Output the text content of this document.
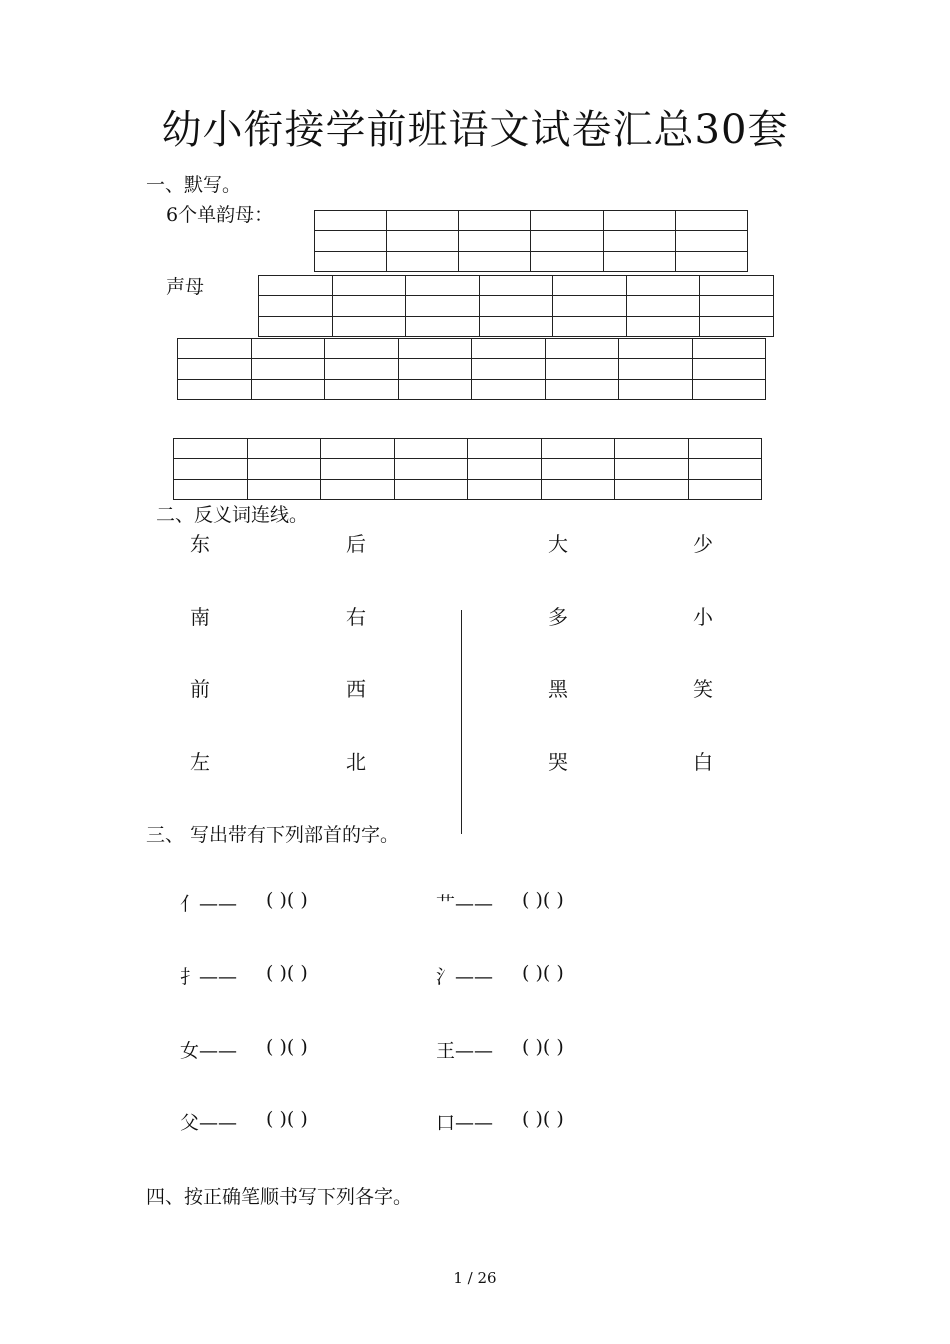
幼小衔接学前班语文试卷汇总30套
一、默写。
6个单韵母：
声母

二、反义词连线。
东	后	大	少
南	右	多	小
前	西	黑	笑
左	北	哭	白
三、 写出带有下列部首的字。
亻—— ( )( )	艹—— ( )( )
扌—— ( )( )	氵—— ( )( )
女—— ( )( )	王—— ( )( )
父—— ( )( )	口—— ( )( )
四、按正确笔顺书写下列各字。
1 / 26
